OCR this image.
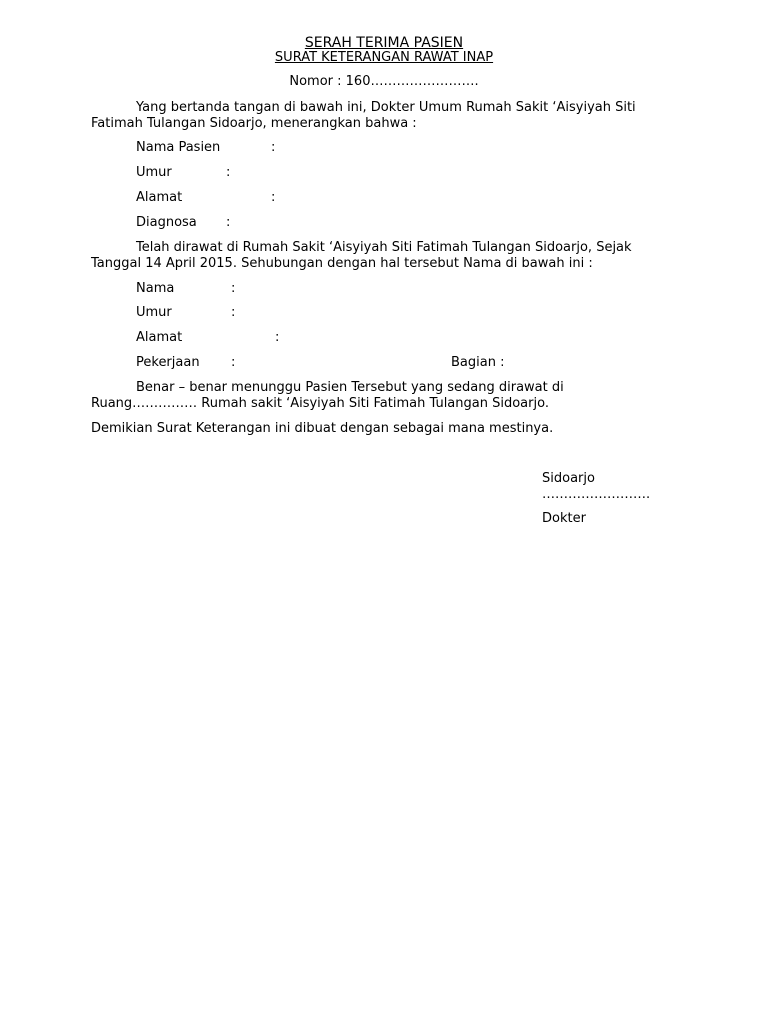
SERAH TERIMA PASIEN

SURAT KETERANGAN RAWAT INAP

Nomor : 160…………………….

Yang bertanda tangan di bawah ini, Dokter Umum Rumah Sakit ‘Aisyiyah Siti

Fatimah Tulangan Sidoarjo, menerangkan bahwa :

Nama Pasien	:

Umur	:

Alamat	:

Diagnosa :

Telah dirawat di Rumah Sakit ‘Aisyiyah Siti Fatimah Tulangan Sidoarjo, Sejak

Tanggal 14 April 2015. Sehubungan dengan hal tersebut Nama di bawah ini :

Nama	:

Umur	:

Alamat	:

Pekerjaan :	Bagian :

Benar – benar menunggu Pasien Tersebut yang sedang dirawat di

Ruang…………… Rumah sakit ‘Aisyiyah Siti Fatimah Tulangan Sidoarjo.

Demikian Surat Keterangan ini dibuat dengan sebagai mana mestinya.

Sidoarjo

…………………….

Dokter
